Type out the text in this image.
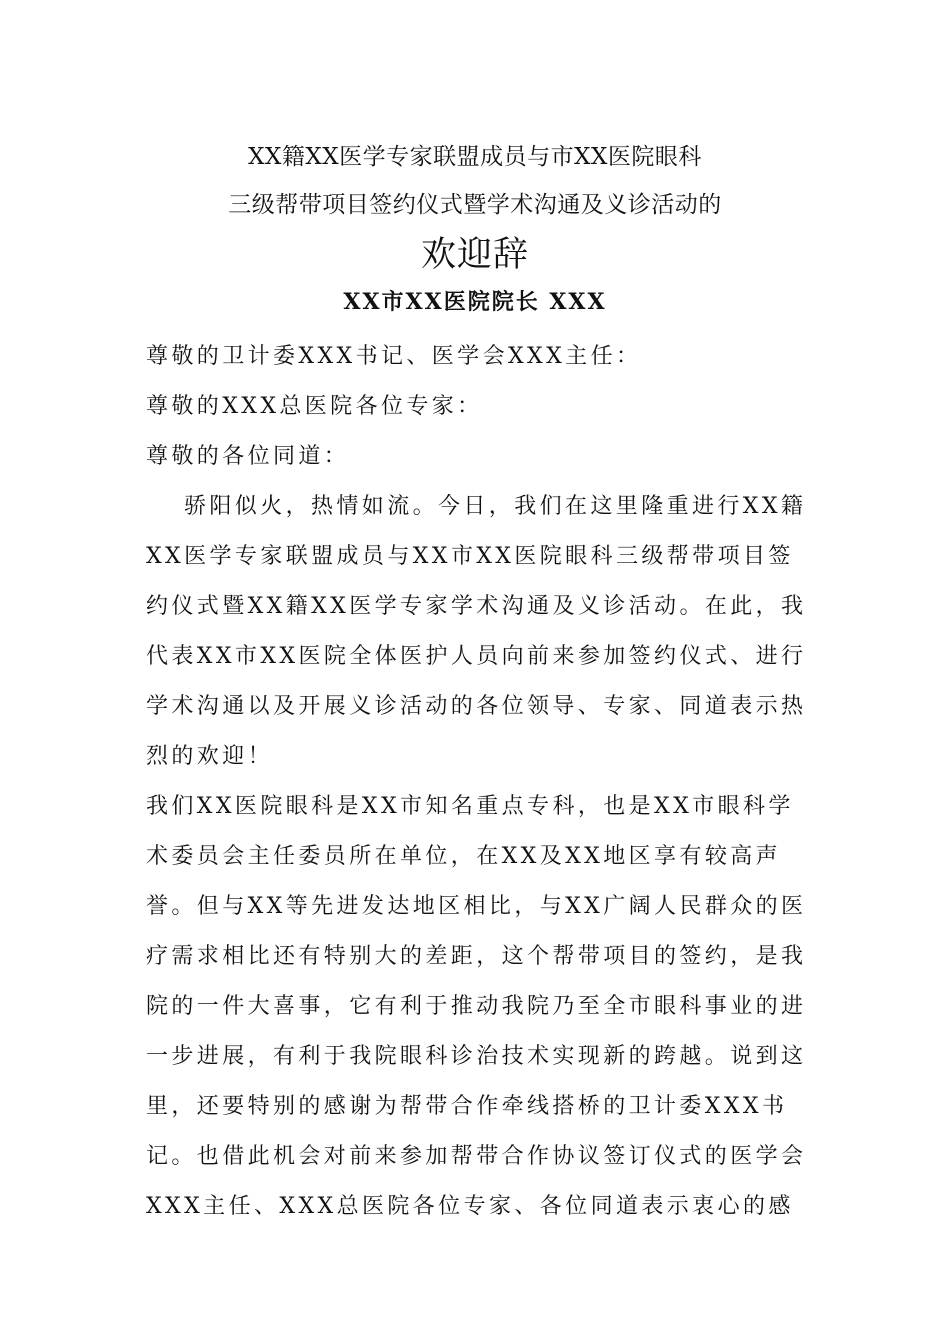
XX籍XX医学专家联盟成员与市XX医院眼科
三级帮带项目签约仪式暨学术沟通及义诊活动的
欢迎辞
XX市XX医院院长 XXX

尊敬的卫计委XXX书记、医学会XXX主任：

尊敬的XXX总医院各位专家：

尊敬的各位同道：

骄阳似火，热情如流。今日，我们在这里隆重进行XX籍XX医学专家联盟成员与XX市XX医院眼科三级帮带项目签约仪式暨XX籍XX医学专家学术沟通及义诊活动。在此，我代表XX市XX医院全体医护人员向前来参加签约仪式、进行学术沟通以及开展义诊活动的各位领导、专家、同道表示热烈的欢迎！

我们XX医院眼科是XX市知名重点专科，也是XX市眼科学术委员会主任委员所在单位，在XX及XX地区享有较高声誉。但与XX等先进发达地区相比，与XX广阔人民群众的医疗需求相比还有特别大的差距，这个帮带项目的签约，是我院的一件大喜事，它有利于推动我院乃至全市眼科事业的进一步进展，有利于我院眼科诊治技术实现新的跨越。说到这里，还要特别的感谢为帮带合作牵线搭桥的卫计委XXX书记。也借此机会对前来参加帮带合作协议签订仪式的医学会XXX主任、XXX总医院各位专家、各位同道表示衷心的感
